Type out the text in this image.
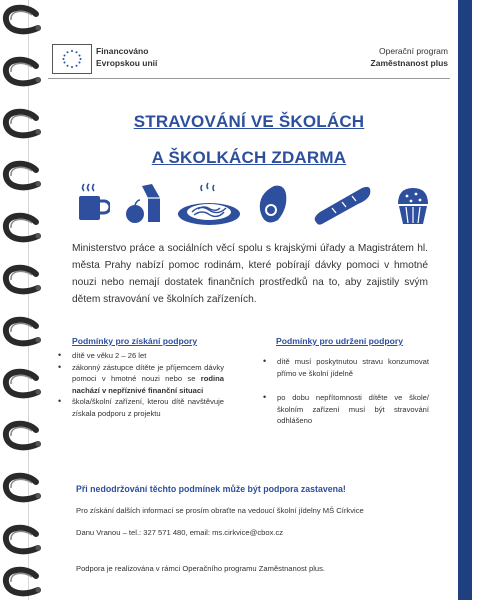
Financováno
Evropskou unií
Operační program
Zaměstnanost plus
STRAVOVÁNÍ VE ŠKOLÁCH
A ŠKOLKÁCH ZDARMA
Ministerstvo práce a sociálních věcí spolu s krajskými úřady a Magistrátem hl. města Prahy nabízí pomoc rodinám, které pobírají dávky pomoci v hmotné nouzi nebo nemají dostatek finančních prostředků na to, aby zajistily svým dětem stravování ve školních zařízeních.
Podmínky pro získání podpory
• dítě ve věku 2 – 26 let
• zákonný zástupce dítěte je příjemcem dávky pomoci v hmotné nouzi nebo se rodina nachází v nepříznivé finanční situaci
• škola/školní zařízení, kterou dítě navštěvuje získala podporu z projektu
Podmínky pro udržení podpory
• dítě musí poskytnutou stravu konzumovat přímo ve školní jídelně
• po dobu nepřítomnosti dítěte ve škole/školním zařízení musí být stravování odhlášeno
Při nedodržování těchto podmínek může být podpora zastavena!
Pro získání dalších informací se prosím obraťte na vedoucí školní jídelny MŠ Církvice
Danu Vranou – tel.: 327 571 480, email: ms.cirkvice@cbox.cz
Podpora je realizována v rámci Operačního programu Zaměstnanost plus.
